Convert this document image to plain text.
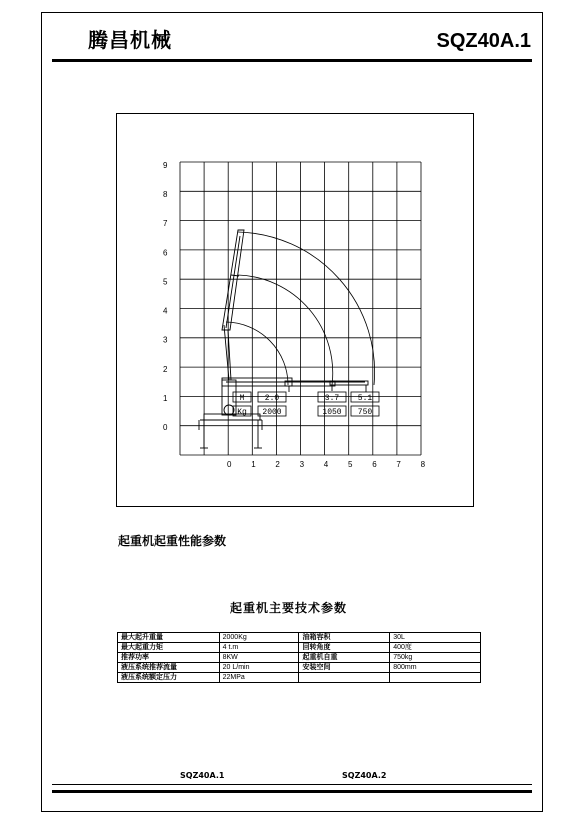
腾昌机械	SQZ40A.1
9
8
7
6
5
4
3
2
1
0
0 1 2 3 4 5 6 7 8
M	2.0	3.7 5.1
Kg 2000	1050 750
起重机起重性能参数
起重机主要技术参数
最大起升重量	2000Kg	油箱容积	30L
最大起重力矩	4 t.m	回转角度	400度
推荐功率	8KW	起重机自重	750kg
液压系统推荐流量	20 L/min	安装空间	800mm
液压系统额定压力	22MPa		
SQZ40A.1	SQZ40A.2
